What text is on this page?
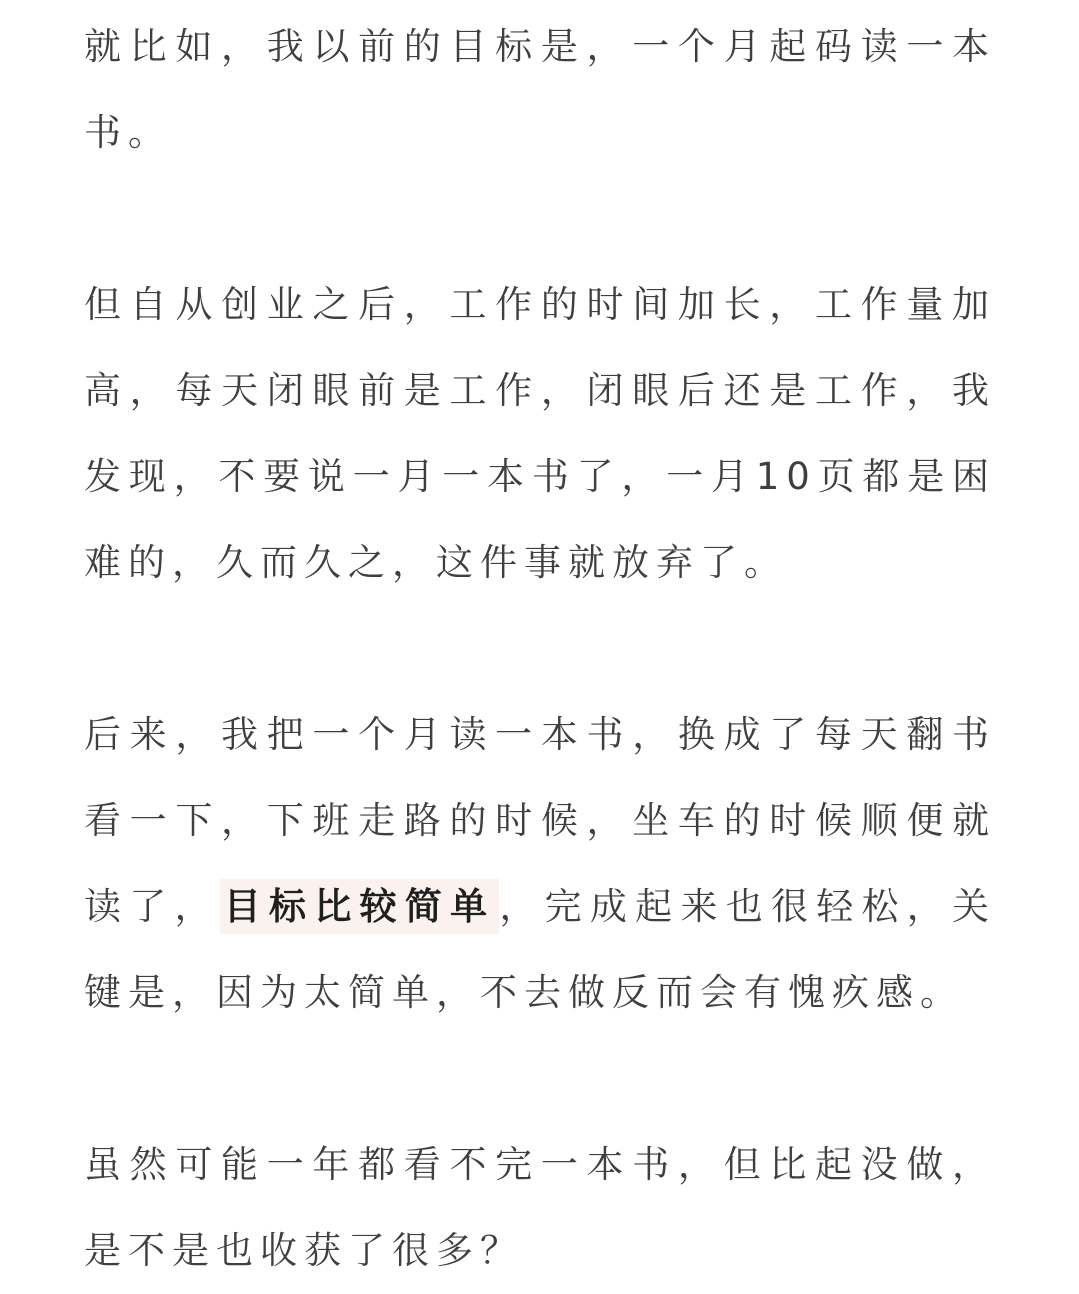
就比如，我以前的目标是，一个月起码读一本书。

但自从创业之后，工作的时间加长，工作量加高，每天闭眼前是工作，闭眼后还是工作，我发现，不要说一月一本书了，一月10页都是困难的，久而久之，这件事就放弃了。

后来，我把一个月读一本书，换成了每天翻书看一下，下班走路的时候，坐车的时候顺便就读了， 目标比较简单 ，完成起来也很轻松，关键是，因为太简单，不去做反而会有愧疚感。

虽然可能一年都看不完一本书，但比起没做，是不是也收获了很多？
